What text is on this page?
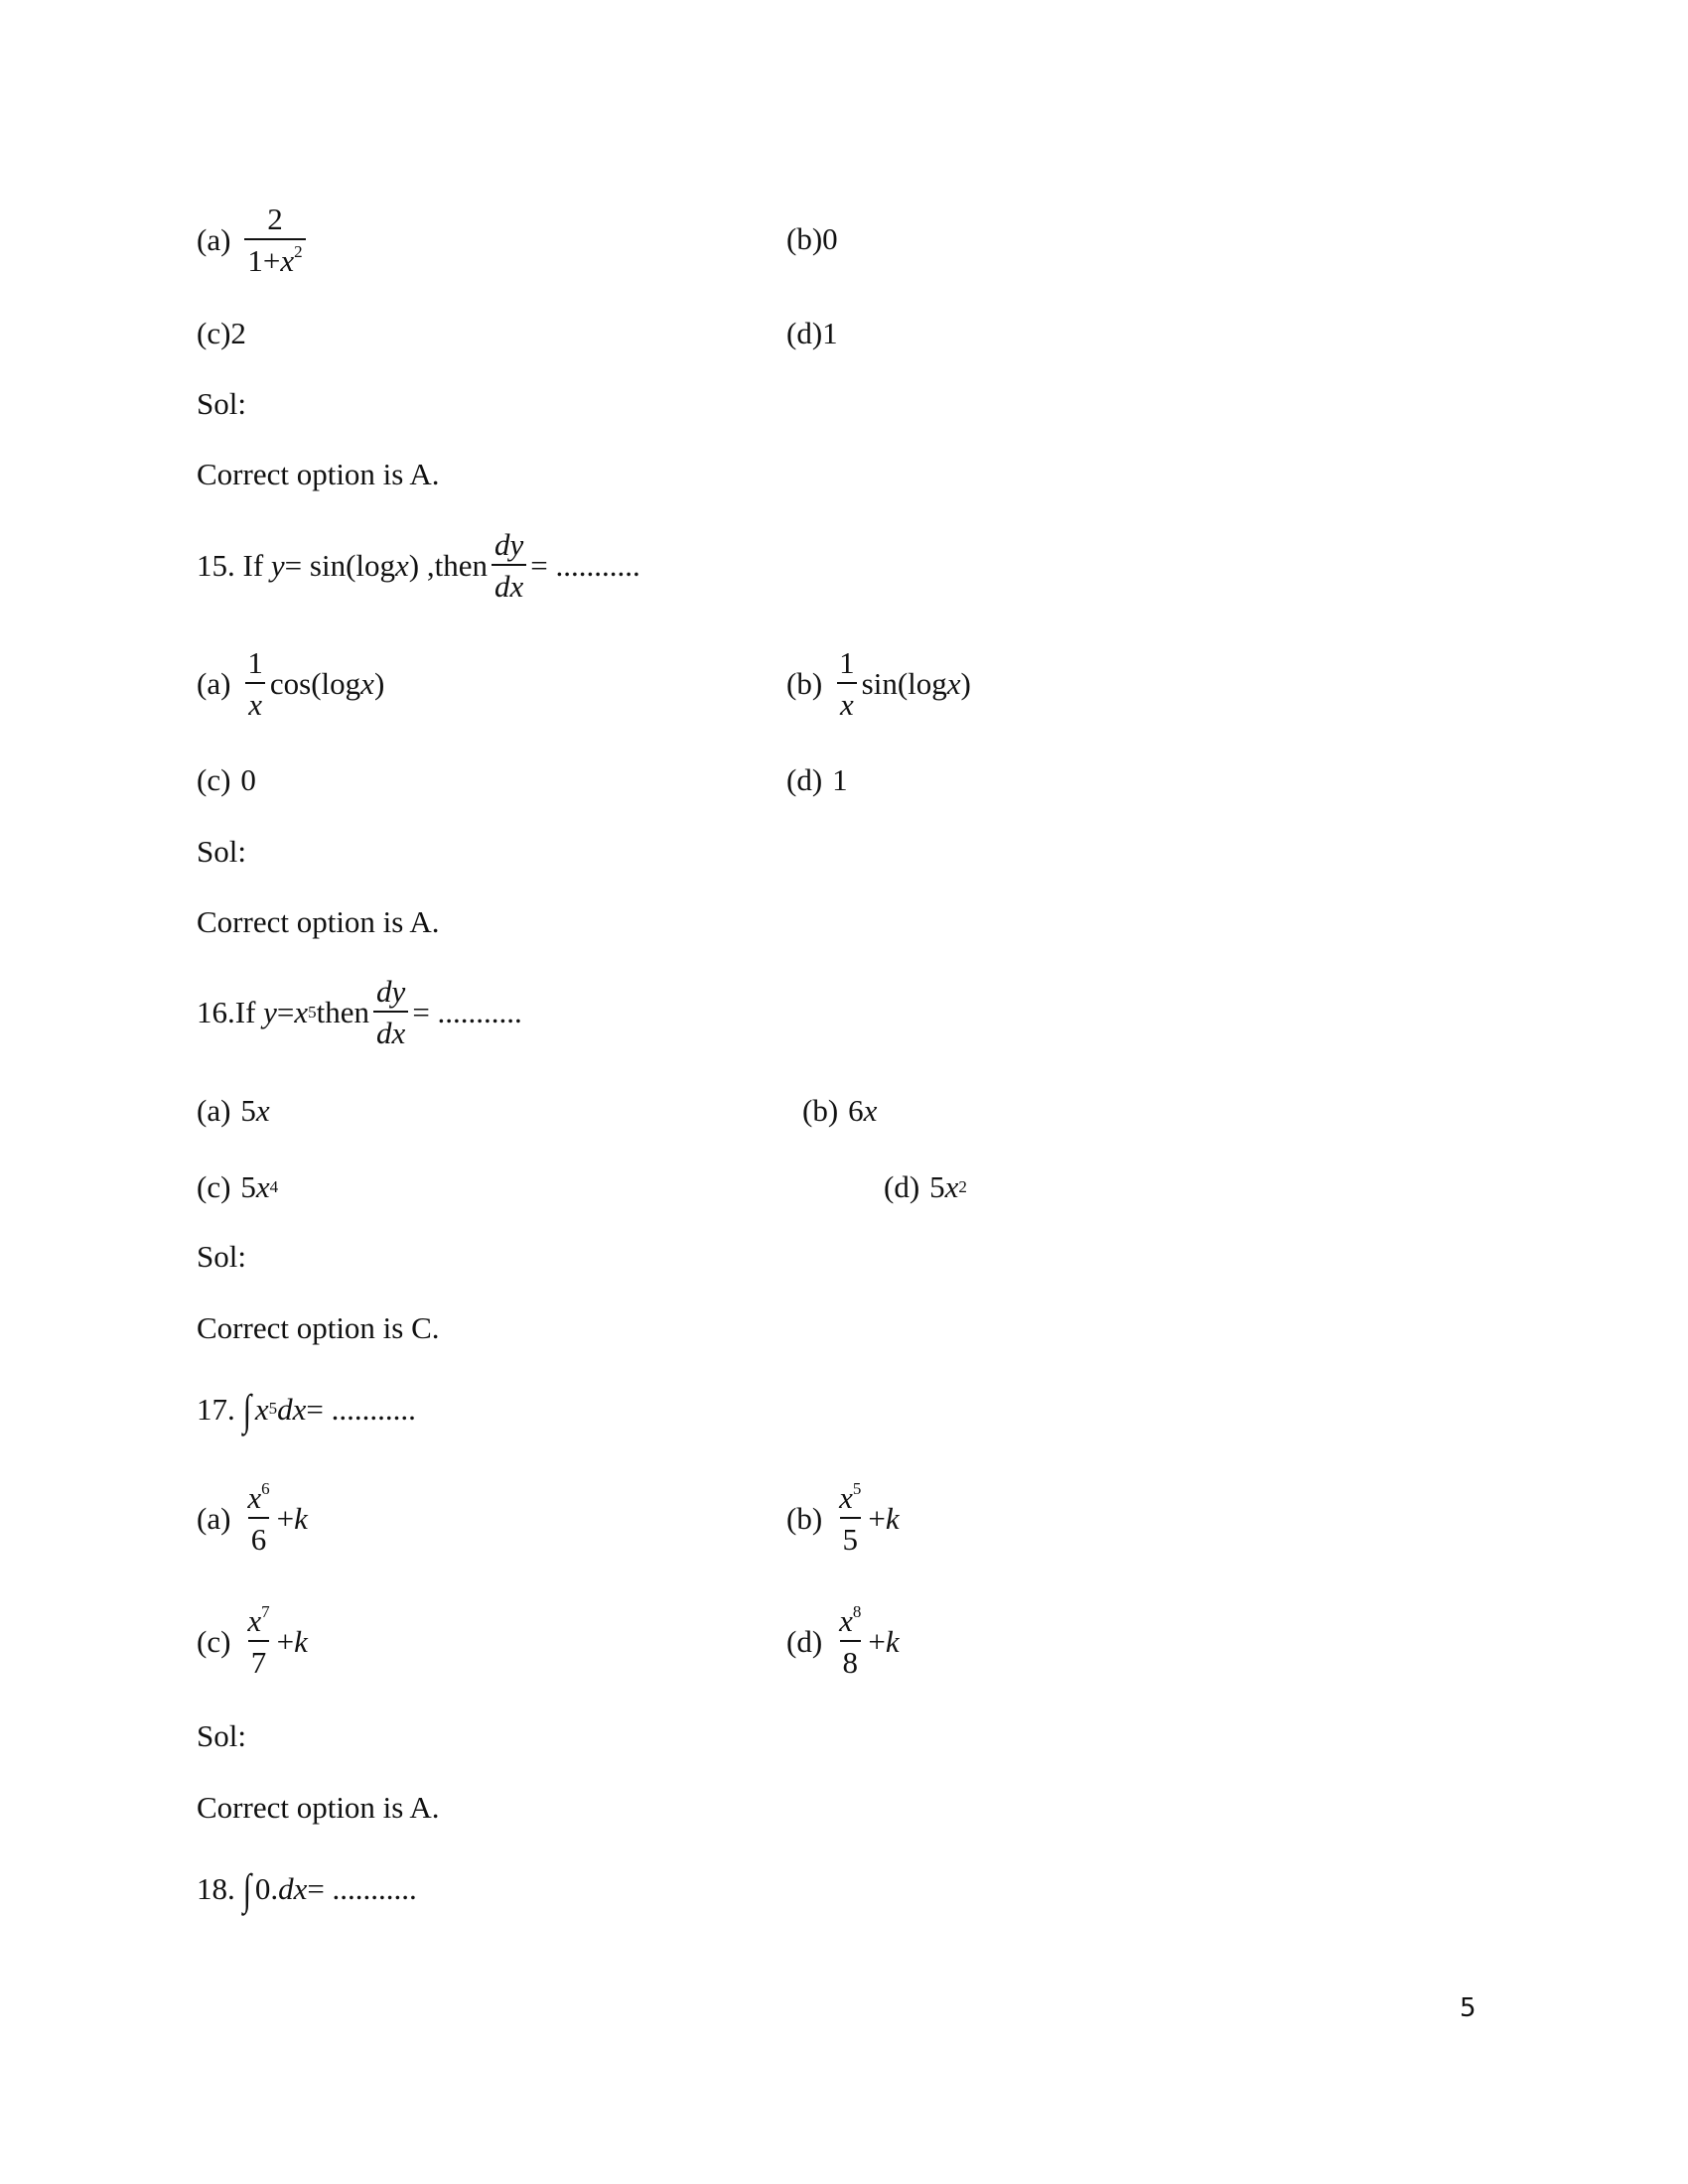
$(a) \frac{2}{1+x^2}$	(b) 0
(c) 2	(d) 1
Sol:
Correct option is A.
15. If
y = sin(log x ) ,then $\frac{dy}{dx}$ = ...........
$(a) \frac{1}{x} \cos(\log$ x )	$(b) \frac{1}{x} \sin(\log$ x )
(c) 0	(d) 1
Sol:
Correct option is A.
16.If
y = x 5 then $\frac{dy}{dx}$ = ...........
(a) 5 x	(b) 6 x
(c) 5 x 4	(d) 5 x 2
Sol:
Correct option is C.
17. ∫ x 5 dx = ...........
$(a) \frac{x^6}{6} + k$	$(b) \frac{x^5}{5} + k$
$(c) \frac{x^7}{7} + k$	$(d) \frac{x^8}{8} + k$
Sol:
Correct option is A.
18. ∫ 0. dx = ...........
5
